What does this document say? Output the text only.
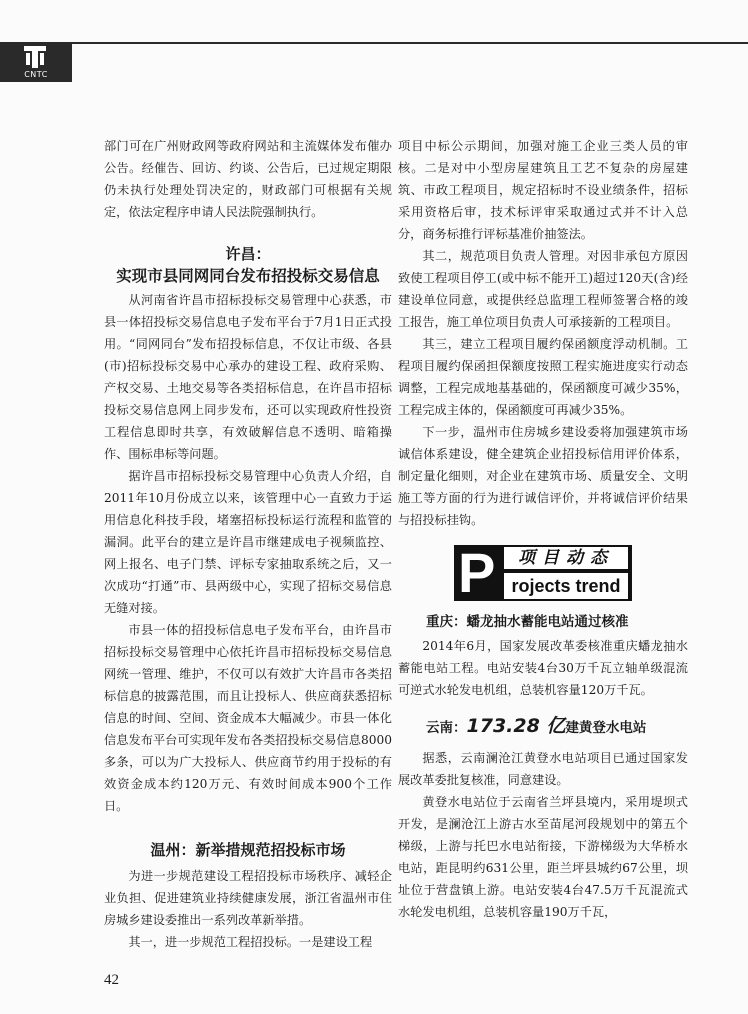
CNTC

部门可在广州财政网等政府网站和主流媒体发布催办公告。经催告、回访、约谈、公告后，已过规定期限仍未执行处理处罚决定的，财政部门可根据有关规定，依法定程序申请人民法院强制执行。

许昌：

实现市县同网同台发布招投标交易信息

从河南省许昌市招标投标交易管理中心获悉，市县一体招投标交易信息电子发布平台于7月1日正式投用。“同网同台”发布招投标信息，不仅让市级、各县(市)招标投标交易中心承办的建设工程、政府采购、产权交易、土地交易等各类招标信息，在许昌市招标投标交易信息网上同步发布，还可以实现政府性投资工程信息即时共享，有效破解信息不透明、暗箱操作、围标串标等问题。

据许昌市招标投标交易管理中心负责人介绍，自2011年10月份成立以来，该管理中心一直致力于运用信息化科技手段，堵塞招标投标运行流程和监管的漏洞。此平台的建立是许昌市继建成电子视频监控、网上报名、电子门禁、评标专家抽取系统之后，又一次成功“打通”市、县两级中心，实现了招标交易信息无缝对接。

市县一体的招投标信息电子发布平台，由许昌市招标投标交易管理中心依托许昌市招标投标交易信息网统一管理、维护，不仅可以有效扩大许昌市各类招标信息的披露范围，而且让投标人、供应商获悉招标信息的时间、空间、资金成本大幅减少。市县一体化信息发布平台可实现年发布各类招投标交易信息8000多条，可以为广大投标人、供应商节约用于投标的有效资金成本约120万元、有效时间成本900个工作日。

温州：新举措规范招投标市场

为进一步规范建设工程招投标市场秩序、减轻企业负担、促进建筑业持续健康发展，浙江省温州市住房城乡建设委推出一系列改革新举措。

其一，进一步规范工程招投标。一是建设工程

项目中标公示期间，加强对施工企业三类人员的审核。二是对中小型房屋建筑且工艺不复杂的房屋建筑、市政工程项目，规定招标时不设业绩条件，招标采用资格后审，技术标评审采取通过式并不计入总分，商务标推行评标基准价抽签法。

其二，规范项目负责人管理。对因非承包方原因致使工程项目停工(或中标不能开工)超过120天(含)经建设单位同意，或提供经总监理工程师签署合格的竣工报告，施工单位项目负责人可承接新的工程项目。

其三，建立工程项目履约保函额度浮动机制。工程项目履约保函担保额度按照工程实施进度实行动态调整，工程完成地基基础的，保函额度可减少35%，工程完成主体的，保函额度可再减少35%。

下一步，温州市住房城乡建设委将加强建筑市场诚信体系建设，健全建筑企业招投标信用评价体系，制定量化细则，对企业在建筑市场、质量安全、文明施工等方面的行为进行诚信评价，并将诚信评价结果与招投标挂钩。

P	项目动态
rojects trend
重庆：蟠龙抽水蓄能电站通过核准

2014年6月，国家发展改革委核准重庆蟠龙抽水蓄能电站工程。电站安装4台30万千瓦立轴单级混流可逆式水轮发电机组，总装机容量120万千瓦。

云南：173.28 亿建黄登水电站

据悉，云南澜沧江黄登水电站项目已通过国家发展改革委批复核准，同意建设。

黄登水电站位于云南省兰坪县境内，采用堤坝式开发，是澜沧江上游古水至苗尾河段规划中的第五个梯级，上游与托巴水电站衔接，下游梯级为大华桥水电站，距昆明约631公里，距兰坪县城约67公里，坝址位于营盘镇上游。电站安装4台47.5万千瓦混流式水轮发电机组，总装机容量190万千瓦，

42
